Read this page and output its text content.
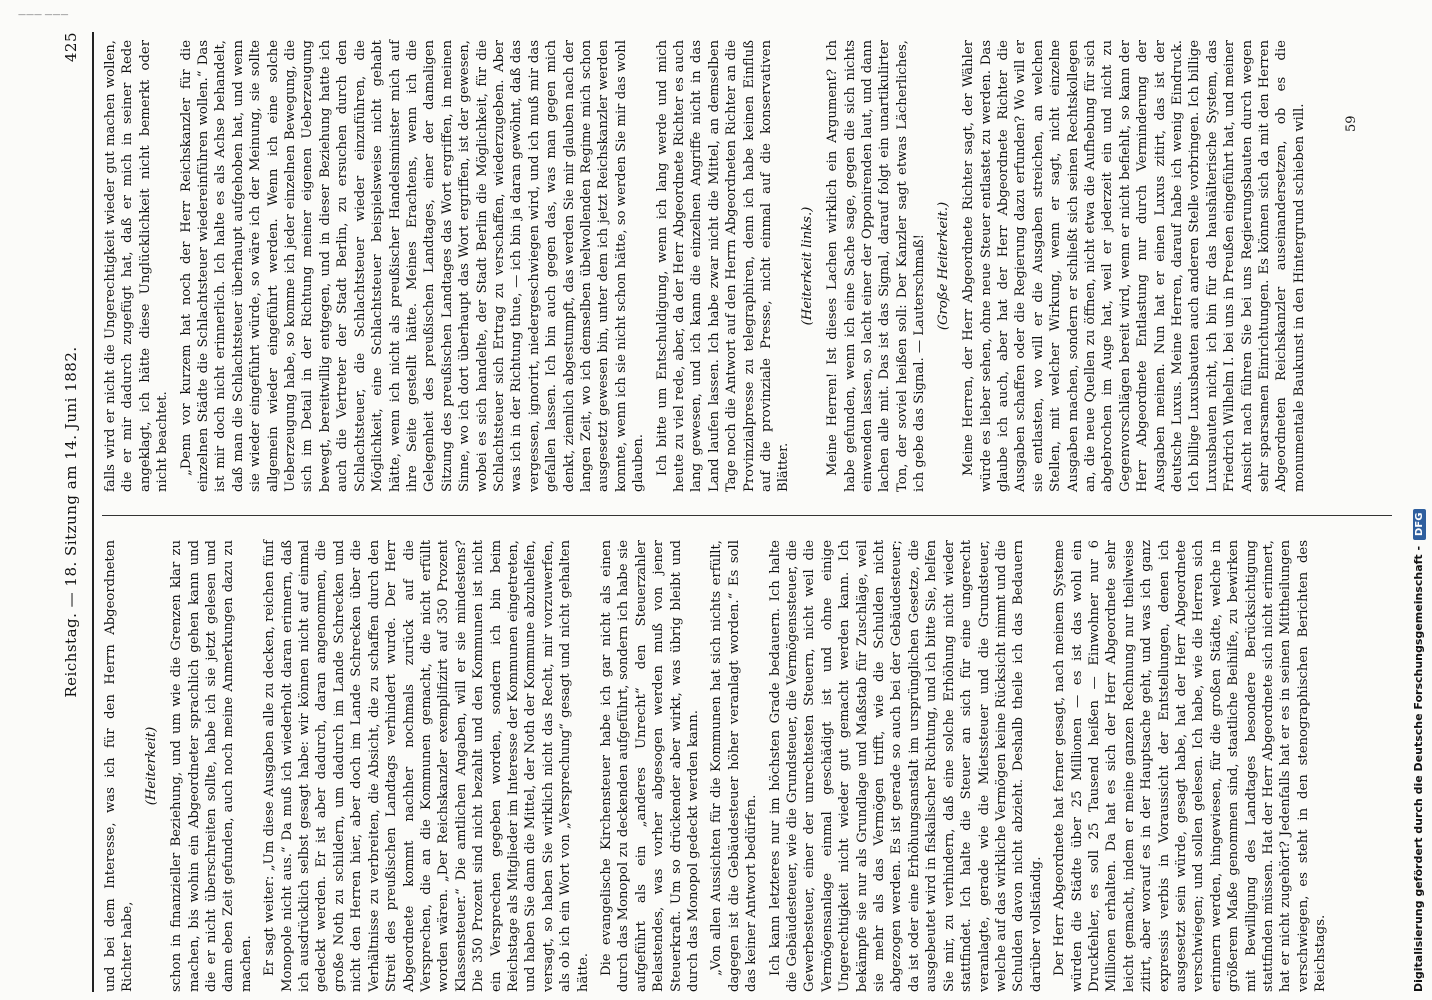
——— ———
Reichstag. — 18. Sitzung am 14. Juni 1882.
425

und bei dem Interesse, was ich für den Herrn Abgeordneten Richter habe,

(Heiterkeit) schon in finanzieller Beziehung, und um wie die Grenzen klar zu machen, bis wohin ein Abgeordneter sprachlich gehen kann und die er nicht überschreiten sollte, habe ich sie jetzt gelesen und dann eben Zeit gefunden, auch noch meine Anmerkungen dazu zu machen. Er sagt weiter: „Um diese Ausgaben alle zu decken, reichen fünf Monopole nicht aus.“ Da muß ich wiederholt daran erinnern, daß ich ausdrücklich selbst gesagt habe: wir können nicht auf einmal gedeckt werden. Er ist aber dadurch, daran angenommen, die große Noth zu schildern, um dadurch im Lande Schrecken und nicht den Herren hier, aber doch im Lande Schrecken über die Verhältnisse zu verbreiten, die Absicht, die zu schaffen durch den Streit des preußischen Landtags verhindert wurde. Der Herr Abgeordnete kommt nachher nochmals zurück auf die Versprechen, die an die Kommunen gemacht, die nicht erfüllt worden wären. „Der Reichskanzler exemplifizirt auf 350 Prozent Klassensteuer.“ Die amtlichen Angaben, will er sie mindestens? Die 350 Prozent sind nicht bezahlt und den Kommunen ist nicht ein Versprechen gegeben worden, sondern ich bin beim Reichstage als Mitglieder im Interesse der Kommunen eingetreten, und haben Sie dann die Mittel, der Noth der Kommune abzuhelfen, versagt, so haben Sie wirklich nicht das Recht, mir vorzuwerfen, als ob ich ein Wort von „Versprechung“ gesagt und nicht gehalten hätte. Die evangelische Kirchensteuer habe ich gar nicht als einen durch das Monopol zu deckenden aufgeführt, sondern ich habe sie aufgeführt als ein „anderes Unrecht“ den Steuerzahler Belastendes, was vorher abgesogen werden muß von jener Steuerkraft. Um so drückender aber wirkt, was übrig bleibt und durch das Monopol gedeckt werden kann. „Von allen Aussichten für die Kommunen hat sich nichts erfüllt, dagegen ist die Gebäudesteuer höher veranlagt worden.“ Es soll das keiner Antwort bedürfen. Ich kann letzteres nur im höchsten Grade bedauern. Ich halte die Gebäudesteuer, wie die Grundsteuer, die Vermögenssteuer, die Gewerbesteuer, einer der unrechtesten Steuern, nicht weil die Vermögensanlage einmal geschädigt ist und ohne einige Ungerechtigkeit nicht wieder gut gemacht werden kann. Ich bekämpfe sie nur als Grundlage und Maßstab für Zuschläge, weil sie mehr als das Vermögen trifft, wie die Schulden nicht abgezogen werden. Es ist gerade so auch bei der Gebäudesteuer; da ist oder eine Erhöhungsanstalt im ursprünglichen Gesetze, die ausgebeutet wird in fiskalischer Richtung, und ich bitte Sie, helfen Sie mir, zu verhindern, daß eine solche Erhöhung nicht wieder stattfindet. Ich halte die Steuer an sich für eine ungerecht veranlagte, gerade wie die Mietssteuer und die Grundsteuer, welche auf das wirkliche Vermögen keine Rücksicht nimmt und die Schulden davon nicht abzieht. Deshalb theile ich das Bedauern darüber vollständig. Der Herr Abgeordnete hat ferner gesagt, nach meinem Systeme würden die Städte über 25 Millionen — es ist das wohl ein Druckfehler, es soll 25 Tausend heißen — Einwohner nur 6 Millionen erhalten. Da hat es sich der Herr Abgeordnete sehr leicht gemacht, indem er meine ganzen Rechnung nur theilweise zitirt, aber worauf es in der Hauptsache geht, und was ich ganz expressis verbis in Voraussicht der Entstellungen, denen ich ausgesetzt sein würde, gesagt habe, hat der Herr Abgeordnete verschwiegen; und sollen gelesen. Ich habe, wie die Herren sich erinnern werden, hingewiesen, für die großen Städte, welche in größerem Maße genommen sind, staatliche Beihilfe, zu bewirken mit Bewilligung des Landtages besondere Berücksichtigung stattfinden müssen. Hat der Herr Abgeordnete sich nicht erinnert, hat er nicht zugehört? Jedenfalls hat er es in seinen Mittheilungen verschwiegen, es steht in den stenographischen Berichten des Reichstags.

falls wird er nicht die Ungerechtigkeit wieder gut machen wollen, die er mir dadurch zugefügt hat, daß er mich in seiner Rede angeklagt, ich hätte diese Unglücklichkeit nicht bemerkt oder nicht beachtet. „Denn vor kurzem hat noch der Herr Reichskanzler für die einzelnen Städte die Schlachtsteuer wiedereinführen wollen.“ Das ist mir doch nicht erinnerlich. Ich halte es als Achse behandelt, daß man die Schlachtsteuer überhaupt aufgehoben hat, und wenn sie wieder eingeführt würde, so wäre ich der Meinung, sie sollte allgemein wieder eingeführt werden. Wenn ich eine solche Ueberzeugung habe, so komme ich jeder einzelnen Bewegung, die sich im Detail in der Richtung meiner eigenen Ueberzeugung bewegt, bereitwillig entgegen, und in dieser Beziehung hatte ich auch die Vertreter der Stadt Berlin, zu ersuchen durch den Schlachtsteuer, die Schlachtsteuer wieder einzuführen, die Möglichkeit, eine Schlachtsteuer beispielsweise nicht gehabt hätte, wenn ich nicht als preußischer Handelsminister mich auf ihre Seite gestellt hätte. Meines Erachtens, wenn ich die Gelegenheit des preußischen Landtages, einer der damaligen Sitzung des preußischen Landtages das Wort ergriffen, in meinen Sinne, wo ich dort überhaupt das Wort ergriffen, ist der gewesen, wobei es sich handelte, der Stadt Berlin die Möglichkeit, für die Schlachtsteuer sich Ertrag zu verschaffen, wiederzugeben. Aber was ich in der Richtung thue, — ich bin ja daran gewöhnt, daß das vergessen, ignorirt, niedergeschwiegen wird, und ich muß mir das gefallen lassen. Ich bin auch gegen das, was man gegen mich denkt, ziemlich abgestumpft, das werden Sie mir glauben nach der langen Zeit, wo ich demselben übelwollenden Regime mich schon ausgesetzt gewesen bin, unter dem ich jetzt Reichskanzler werden konnte, wenn ich sie nicht schon hätte, so werden Sie mir das wohl glauben. Ich bitte um Entschuldigung, wenn ich lang werde und mich heute zu viel rede, aber, da der Herr Abgeordnete Richter es auch lang gewesen, und ich kann die einzelnen Angriffe nicht in das Land laufen lassen. Ich habe zwar nicht die Mittel, an demselben Tage noch die Antwort auf den Herrn Abgeordneten Richter an die Provinzialpresse zu telegraphiren, denn ich habe keinen Einfluß auf die provinziale Presse, nicht einmal auf die konservativen Blätter.

(Heiterkeit links.) Meine Herren! Ist dieses Lachen wirklich ein Argument? Ich habe gefunden, wenn ich eine Sache sage, gegen die sich nichts einwenden lassen, so lacht einer der Opponirenden laut, und dann lachen alle mit. Das ist das Signal, darauf folgt ein unartikulirter Ton, der soviel heißen soll: Der Kanzler sagt etwas Lächerliches, ich gebe das Signal. — Lauterschmaß! (Große Heiterkeit.) Meine Herren, der Herr Abgeordnete Richter sagt, der Wähler würde es lieber sehen, ohne neue Steuer entlastet zu werden. Das glaube ich auch, aber hat der Herr Abgeordnete Richter die Ausgaben schaffen oder die Regierung dazu erfunden? Wo will er sie entlasten, wo will er die Ausgaben streichen, an welchen Stellen, mit welcher Wirkung, wenn er sagt, nicht einzelne Ausgaben machen, sondern er schließt sich seinen Rechtskollegen an, die neue Quellen zu öffnen, nicht etwa die Aufhebung für sich abgebrochen im Auge hat, weil er jederzeit ein und nicht zu Gegenvorschlägen bereit wird, wenn er nicht befiehlt, so kann der Herr Abgeordnete Entlastung nur durch Verminderung der Ausgaben meinen. Nun hat er einen Luxus zitirt, das ist der deutsche Luxus. Meine Herren, darauf habe ich wenig Eindruck. Ich billige Luxusbauten auch anderen Stelle vorbringen. Ich billige Luxusbauten nicht, ich bin für das haushälterische System, das Friedrich Wilhelm I. bei uns in Preußen eingeführt hat, und meiner Ansicht nach führen Sie bei uns Regierungsbauten durch wegen sehr sparsamen Einrichtungen. Es können sich da mit den Herren Abgeordneten Reichskanzler auseinandersetzen, ob es die monumentale Baukunst in den Hintergrund schieben will.	59
Digitalisierung gefördert durch die Deutsche Forschungsgemeinschaft -DFG
